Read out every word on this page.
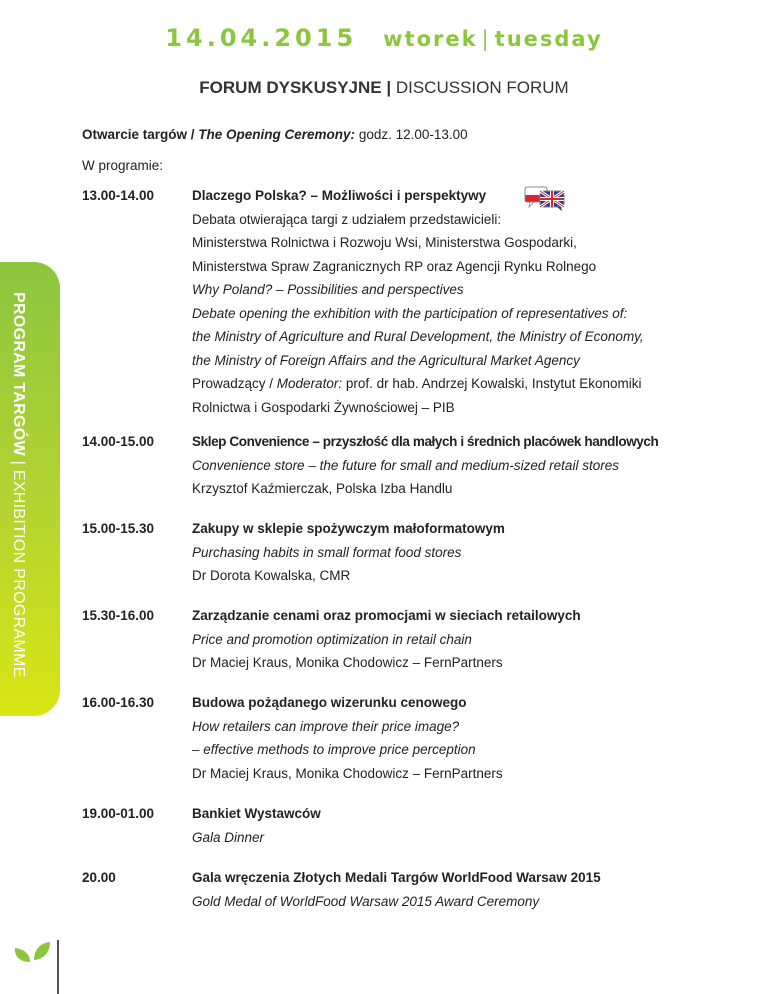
14.04.2015 wtorek | tuesday
FORUM DYSKUSYJNE | DISCUSSION FORUM
Otwarcie targów / The Opening Ceremony: godz. 12.00-13.00
W programie:
PROGRAM TARGÓW | EXHIBITION PROGRAMME
13.00-14.00	Dlaczego Polska? – Możliwości i perspektywy
Debata otwierająca targi z udziałem przedstawicieli:
Ministerstwa Rolnictwa i Rozwoju Wsi, Ministerstwa Gospodarki,
Ministerstwa Spraw Zagranicznych RP oraz Agencji Rynku Rolnego
Why Poland? – Possibilities and perspectives
Debate opening the exhibition with the participation of representatives of:
the Ministry of Agriculture and Rural Development, the Ministry of Economy,
the Ministry of Foreign Affairs and the Agricultural Market Agency
Prowadzący / Moderator: prof. dr hab. Andrzej Kowalski, Instytut Ekonomiki
Rolnictwa i Gospodarki Żywnościowej – PIB
14.00-15.00	Sklep Convenience – przyszłość dla małych i średnich placówek handlowych
Convenience store – the future for small and medium-sized retail stores
Krzysztof Kaźmierczak, Polska Izba Handlu
15.00-15.30	Zakupy w sklepie spożywczym małoformatowym
Purchasing habits in small format food stores
Dr Dorota Kowalska, CMR
15.30-16.00	Zarządzanie cenami oraz promocjami w sieciach retailowych
Price and promotion optimization in retail chain
Dr Maciej Kraus, Monika Chodowicz – FernPartners
16.00-16.30	Budowa pożądanego wizerunku cenowego
How retailers can improve their price image?
– effective methods to improve price perception
Dr Maciej Kraus, Monika Chodowicz – FernPartners
19.00-01.00	Bankiet Wystawców
Gala Dinner
20.00	Gala wręczenia Złotych Medali Targów WorldFood Warsaw 2015
Gold Medal of WorldFood Warsaw 2015 Award Ceremony
